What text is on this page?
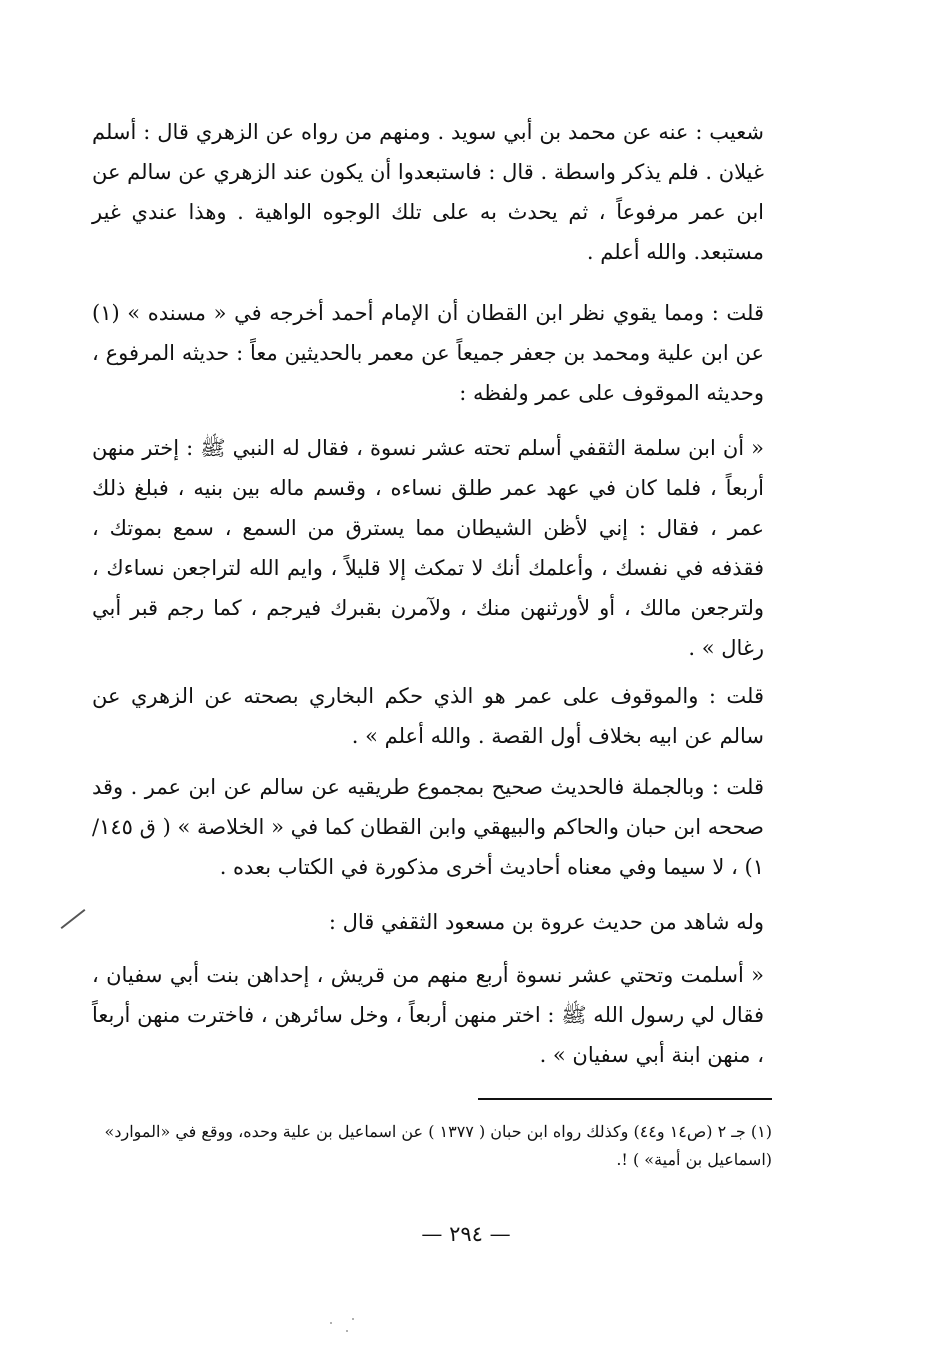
شعيب : عنه عن محمد بن أبي سويد . ومنهم من رواه عن الزهري قال : أسلم غيلان . فلم يذكر واسطة . قال : فاستبعدوا أن يكون عند الزهري عن سالم عن ابن عمر مرفوعاً ، ثم يحدث به على تلك الوجوه الواهية . وهذا عندي غير مستبعد. والله أعلم .

قلت : ومما يقوي نظر ابن القطان أن الإمام أحمد أخرجه في « مسنده » (١) عن ابن علية ومحمد بن جعفر جميعاً عن معمر بالحديثين معاً : حديثه المرفوع ، وحديثه الموقوف على عمر ولفظه :

« أن ابن سلمة الثقفي أسلم تحته عشر نسوة ، فقال له النبي ﷺ : إختر منهن أربعاً ، فلما كان في عهد عمر طلق نساءه ، وقسم ماله بين بنيه ، فبلغ ذلك عمر ، فقال : إني لأظن الشيطان مما يسترق من السمع ، سمع بموتك ، فقذفه في نفسك ، وأعلمك أنك لا تمكث إلا قليلاً ، وايم الله لتراجعن نساءك ، ولترجعن مالك ، أو لأورثنهن منك ، ولآمرن بقبرك فيرجم ، كما رجم قبر أبي رغال » .

قلت : والموقوف على عمر هو الذي حكم البخاري بصحته عن الزهري عن سالم عن ابيه بخلاف أول القصة . والله أعلم » .

قلت : وبالجملة فالحديث صحيح بمجموع طريقيه عن سالم عن ابن عمر . وقد صححه ابن حبان والحاكم والبيهقي وابن القطان كما في « الخلاصة » ( ق ١٤٥/ ١) ، لا سيما وفي معناه أحاديث أخرى مذكورة في الكتاب بعده .

وله شاهد من حديث عروة بن مسعود الثقفي قال :

« أسلمت وتحتي عشر نسوة أربع منهم من قريش ، إحداهن بنت أبي سفيان ، فقال لي رسول الله ﷺ : اختر منهن أربعاً ، وخل سائرهن ، فاخترت منهن أربعاً ، منهن ابنة أبي سفيان » .

(١) جـ ٢ (ص١٤ و٤٤) وكذلك رواه ابن حبان ( ١٣٧٧ ) عن اسماعيل بن علية وحده، ووقع في «الموارد» (اسماعيل بن أمية» ) !.

— ٢٩٤ —
